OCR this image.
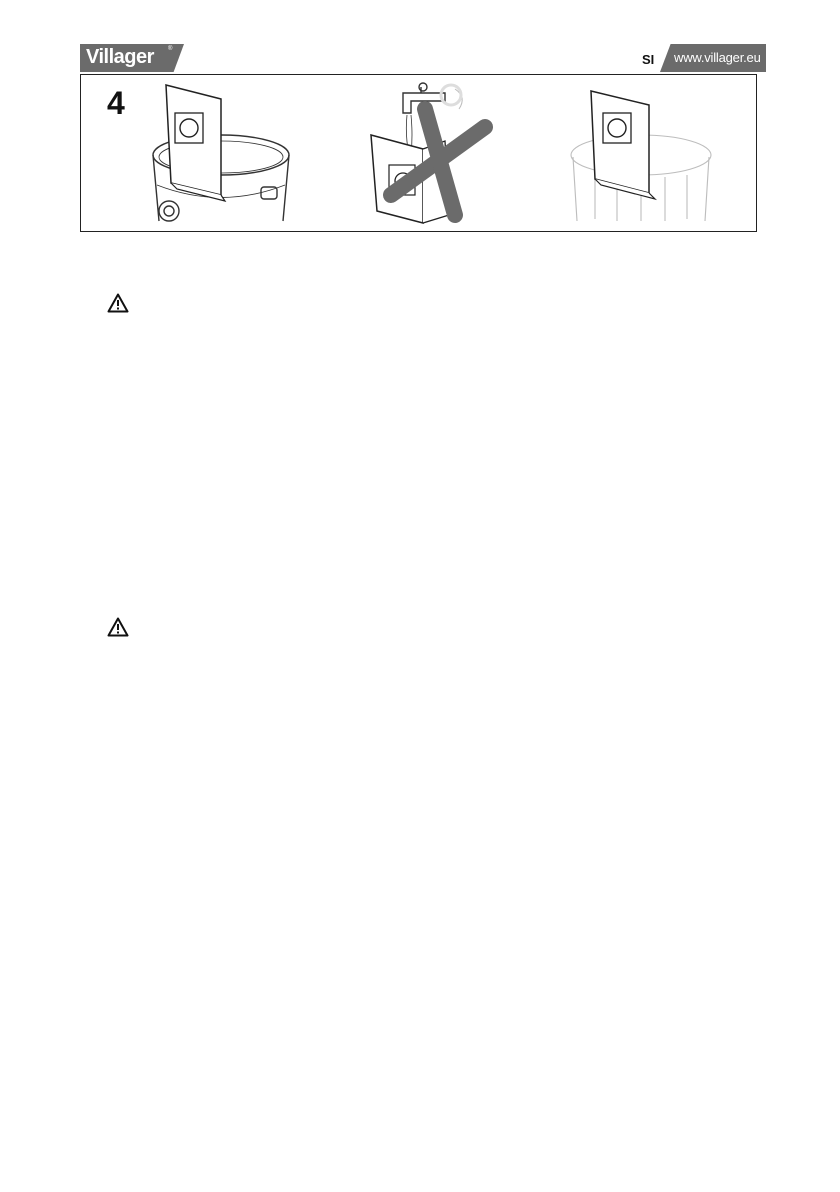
Villager ®
SI www.villager.eu
4
